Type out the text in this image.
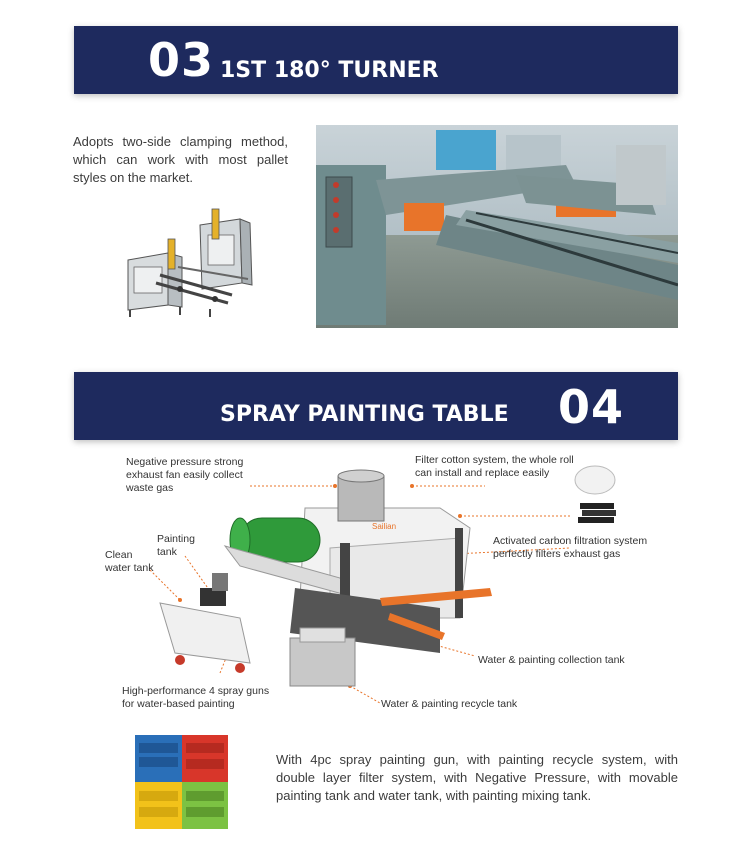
03 1ST 180° TURNER
Adopts two-side clamping method, which can work with most pallet styles on the market.
SPRAY PAINTING TABLE 04
Negative pressure strong exhaust fan easily collect waste gas
Filter cotton system, the whole roll can install and replace easily
Activated carbon filtration system perfectly filters exhaust gas
Painting tank
Clean water tank
Water & painting collection tank
High-performance 4 spray guns for water-based painting	Water & painting recycle tank
Sailian
With 4pc spray painting gun, with painting recycle system, with double layer filter system, with Negative Pressure, with movable painting tank and water tank, with painting mixing tank.
